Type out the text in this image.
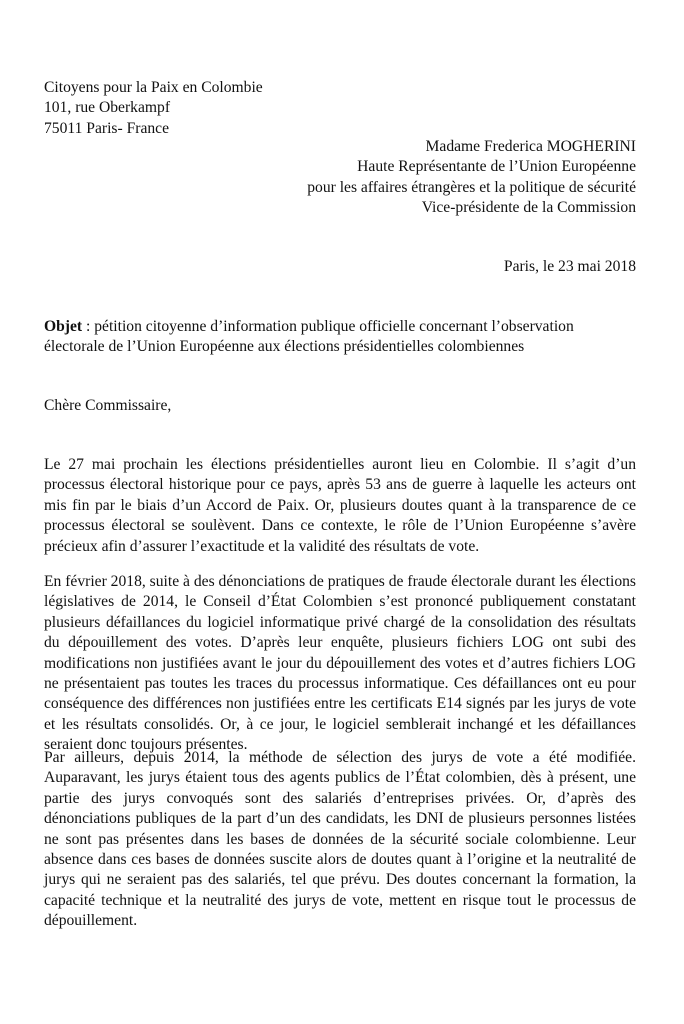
Citoyens pour la Paix en Colombie
101, rue Oberkampf
75011 Paris- France
Madame Frederica MOGHERINI
Haute Représentante de l’Union Européenne
pour les affaires étrangères et la politique de sécurité
Vice-présidente de la Commission
Paris, le 23 mai 2018
Objet : pétition citoyenne d’information publique officielle concernant l’observation électorale de l’Union Européenne aux élections présidentielles colombiennes
Chère Commissaire,
Le 27 mai prochain les élections présidentielles auront lieu en Colombie. Il s’agit d’un processus électoral historique pour ce pays, après 53 ans de guerre à laquelle les acteurs ont mis fin par le biais d’un Accord de Paix. Or, plusieurs doutes quant à la transparence de ce processus électoral se soulèvent. Dans ce contexte, le rôle de l’Union Européenne s’avère précieux afin d’assurer l’exactitude et la validité des résultats de vote.
En février 2018, suite à des dénonciations de pratiques de fraude électorale durant les élections législatives de 2014, le Conseil d’État Colombien s’est prononcé publiquement constatant plusieurs défaillances du logiciel informatique privé chargé de la consolidation des résultats du dépouillement des votes. D’après leur enquête, plusieurs fichiers LOG ont subi des modifications non justifiées avant le jour du dépouillement des votes et d’autres fichiers LOG ne présentaient pas toutes les traces du processus informatique. Ces défaillances ont eu pour conséquence des différences non justifiées entre les certificats E14 signés par les jurys de vote et les résultats consolidés. Or, à ce jour, le logiciel semblerait inchangé et les défaillances seraient donc toujours présentes.
Par ailleurs, depuis 2014, la méthode de sélection des jurys de vote a été modifiée. Auparavant, les jurys étaient tous des agents publics de l’État colombien, dès à présent, une partie des jurys convoqués sont des salariés d’entreprises privées. Or, d’après des dénonciations publiques de la part d’un des candidats, les DNI de plusieurs personnes listées ne sont pas présentes dans les bases de données de la sécurité sociale colombienne. Leur absence dans ces bases de données suscite alors de doutes quant à l’origine et la neutralité de jurys qui ne seraient pas des salariés, tel que prévu. Des doutes concernant la formation, la capacité technique et la neutralité des jurys de vote, mettent en risque tout le processus de dépouillement.
